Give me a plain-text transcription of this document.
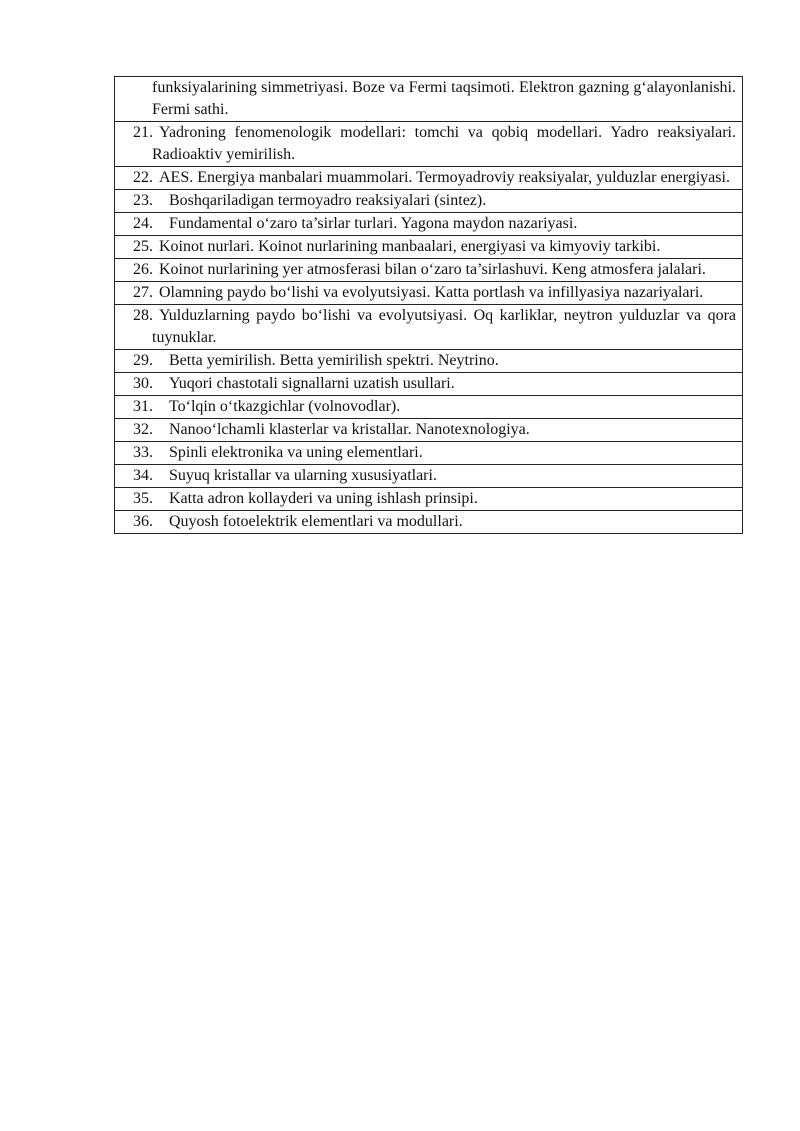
funksiyalarining simmetriyasi. Boze va Fermi taqsimoti. Elektron gazning g‘alayonlanishi. Fermi sathi.
21. Yadroning fenomenologik modellari: tomchi va qobiq modellari. Yadro reaksiyalari. Radioaktiv yemirilish.
22. AES. Energiya manbalari muammolari. Termoyadroviy reaksiyalar, yulduzlar energiyasi.
23. Boshqariladigan termoyadro reaksiyalari (sintez).
24. Fundamental o‘zaro ta’sirlar turlari. Yagona maydon nazariyasi.
25. Koinot nurlari. Koinot nurlarining manbaalari, energiyasi va kimyoviy tarkibi.
26. Koinot nurlarining yer atmosferasi bilan o‘zaro ta’sirlashuvi. Keng atmosfera jalalari.
27. Olamning paydo bo‘lishi va evolyutsiyasi. Katta portlash va infillyasiya nazariyalari.
28. Yulduzlarning paydo bo‘lishi va evolyutsiyasi. Oq karliklar, neytron yulduzlar va qora tuynuklar.
29. Betta yemirilish. Betta yemirilish spektri. Neytrino.
30. Yuqori chastotali signallarni uzatish usullari.
31. To‘lqin o‘tkazgichlar (volnovodlar).
32. Nanoo‘lchamli klasterlar va kristallar. Nanotexnologiya.
33. Spinli elektronika va uning elementlari.
34. Suyuq kristallar va ularning xususiyatlari.
35. Katta adron kollayderi va uning ishlash prinsipi.
36. Quyosh fotoelektrik elementlari va modullari.
